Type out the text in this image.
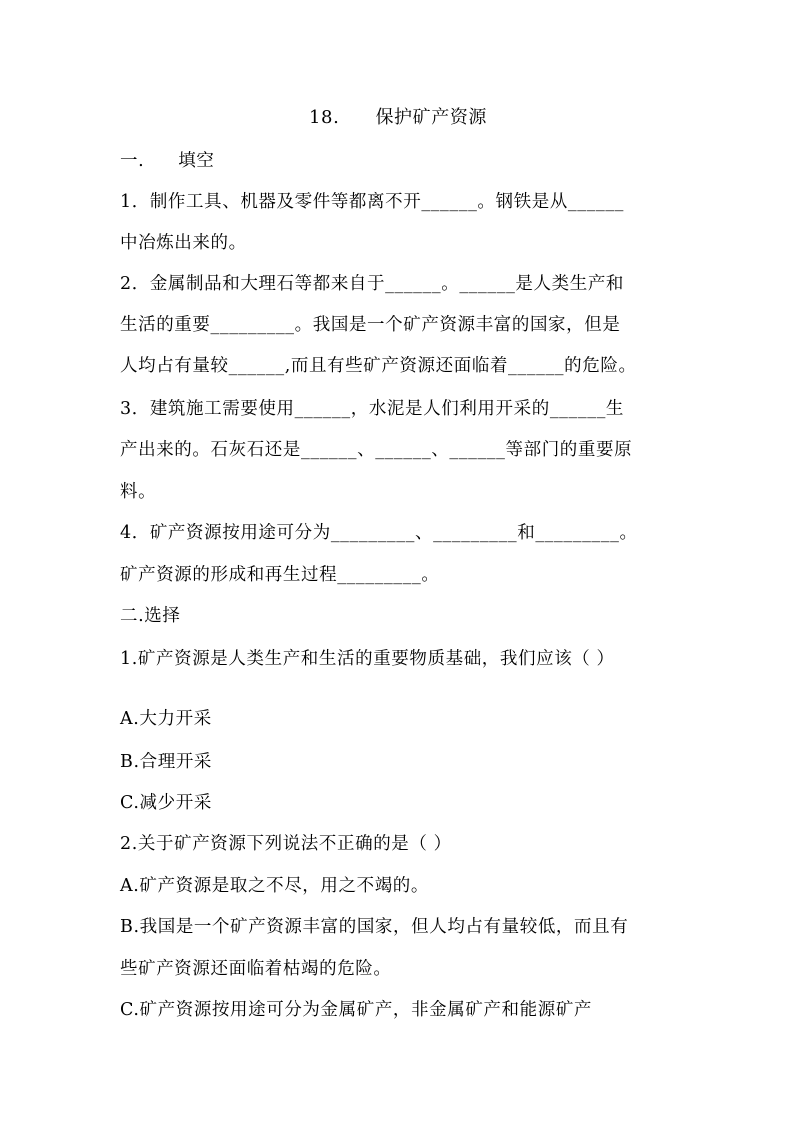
18. 保护矿产资源
一. 填空
1．制作工具、机器及零件等都离不开______。钢铁是从______
中冶炼出来的。
2．金属制品和大理石等都来自于______。______是人类生产和
生活的重要_________。我国是一个矿产资源丰富的国家，但是
人均占有量较______,而且有些矿产资源还面临着______的危险。
3．建筑施工需要使用______，水泥是人们利用开采的______生
产出来的。石灰石还是______、______、______等部门的重要原
料。
4．矿产资源按用途可分为_________、_________和_________。
矿产资源的形成和再生过程_________。
二.选择
1.矿产资源是人类生产和生活的重要物质基础，我们应该（ ）
A.大力开采
B.合理开采
C.减少开采
2.关于矿产资源下列说法不正确的是（ ）
A.矿产资源是取之不尽，用之不竭的。
B.我国是一个矿产资源丰富的国家，但人均占有量较低，而且有
些矿产资源还面临着枯竭的危险。
C.矿产资源按用途可分为金属矿产，非金属矿产和能源矿产
